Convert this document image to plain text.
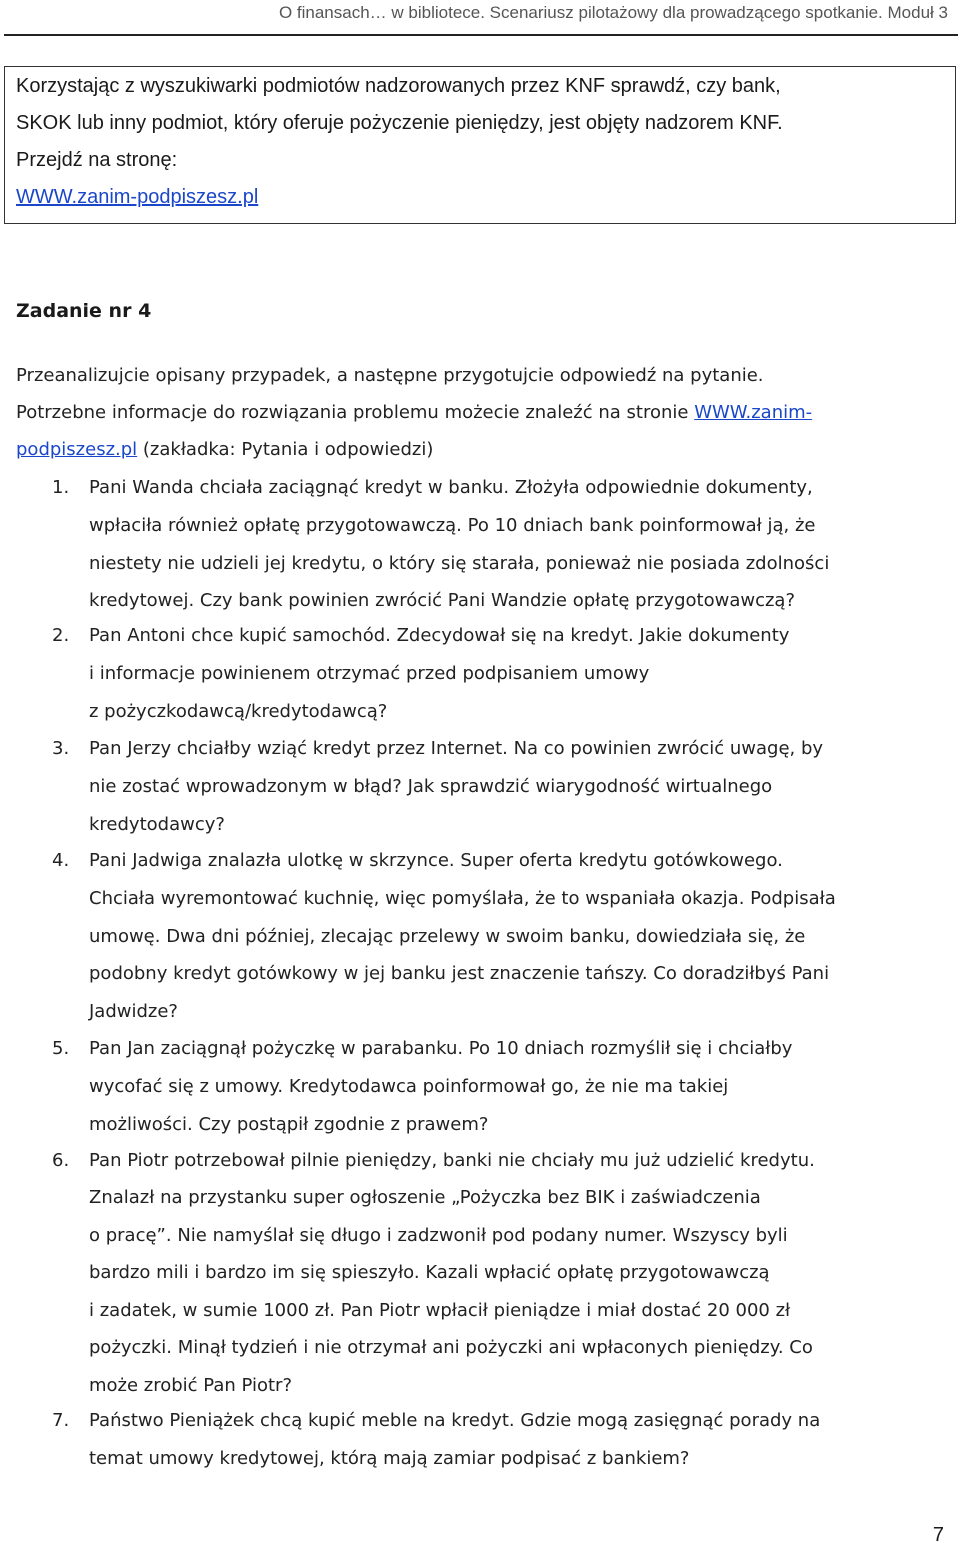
O finansach… w bibliotece. Scenariusz pilotażowy dla prowadzącego spotkanie. Moduł 3
Korzystając z wyszukiwarki podmiotów nadzorowanych przez KNF sprawdź, czy bank,
SKOK lub inny podmiot, który oferuje pożyczenie pieniędzy, jest objęty nadzorem KNF.
Przejdź na stronę:
WWW.zanim-podpiszesz.pl
Zadanie nr 4
Przeanalizujcie opisany przypadek, a następne przygotujcie odpowiedź na pytanie.
Potrzebne informacje do rozwiązania problemu możecie znaleźć na stronie WWW.zanim-
podpiszesz.pl (zakładka: Pytania i odpowiedzi)
1. Pani Wanda chciała zaciągnąć kredyt w banku. Złożyła odpowiednie dokumenty,
wpłaciła również opłatę przygotowawczą. Po 10 dniach bank poinformował ją, że
niestety nie udzieli jej kredytu, o który się starała, ponieważ nie posiada zdolności
kredytowej. Czy bank powinien zwrócić Pani Wandzie opłatę przygotowawczą?
2. Pan Antoni chce kupić samochód. Zdecydował się na kredyt. Jakie dokumenty
i informacje powinienem otrzymać przed podpisaniem umowy
z pożyczkodawcą/kredytodawcą?
3. Pan Jerzy chciałby wziąć kredyt przez Internet. Na co powinien zwrócić uwagę, by
nie zostać wprowadzonym w błąd? Jak sprawdzić wiarygodność wirtualnego
kredytodawcy?
4. Pani Jadwiga znalazła ulotkę w skrzynce. Super oferta kredytu gotówkowego.
Chciała wyremontować kuchnię, więc pomyślała, że to wspaniała okazja. Podpisała
umowę. Dwa dni później, zlecając przelewy w swoim banku, dowiedziała się, że
podobny kredyt gotówkowy w jej banku jest znaczenie tańszy. Co doradziłbyś Pani
Jadwidze?
5. Pan Jan zaciągnął pożyczkę w parabanku. Po 10 dniach rozmyślił się i chciałby
wycofać się z umowy. Kredytodawca poinformował go, że nie ma takiej
możliwości. Czy postąpił zgodnie z prawem?
6. Pan Piotr potrzebował pilnie pieniędzy, banki nie chciały mu już udzielić kredytu.
Znalazł na przystanku super ogłoszenie „Pożyczka bez BIK i zaświadczenia
o pracę”. Nie namyślał się długo i zadzwonił pod podany numer. Wszyscy byli
bardzo mili i bardzo im się spieszyło. Kazali wpłacić opłatę przygotowawczą
i zadatek, w sumie 1000 zł. Pan Piotr wpłacił pieniądze i miał dostać 20 000 zł
pożyczki. Minął tydzień i nie otrzymał ani pożyczki ani wpłaconych pieniędzy. Co
może zrobić Pan Piotr?
7. Państwo Pieniążek chcą kupić meble na kredyt. Gdzie mogą zasięgnąć porady na
temat umowy kredytowej, którą mają zamiar podpisać z bankiem?
7
